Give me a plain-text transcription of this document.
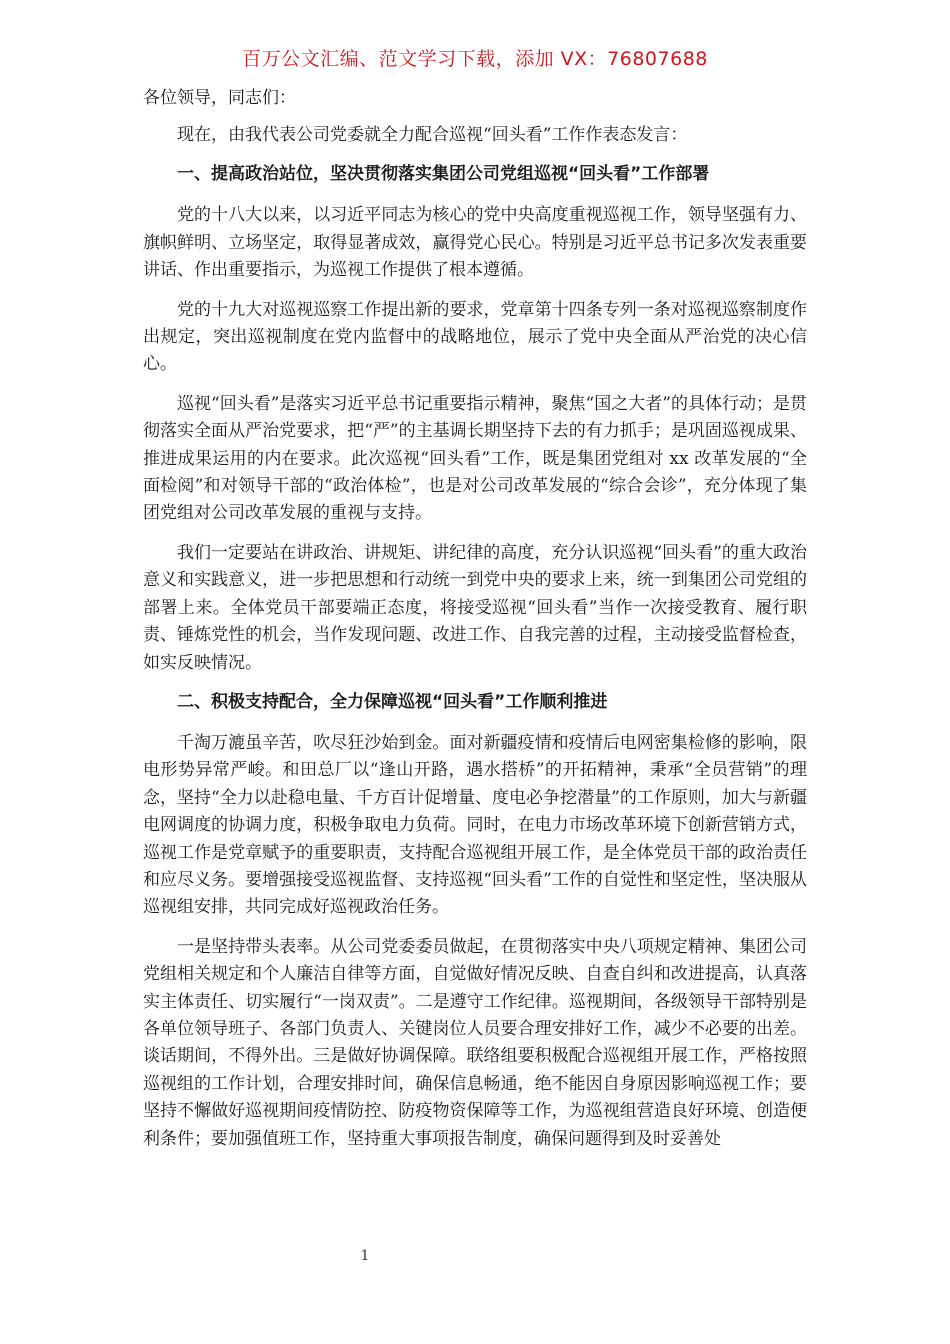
百万公文汇编、范文学习下载，添加 VX：76807688

各位领导，同志们：

现在，由我代表公司党委就全力配合巡视“回头看”工作作表态发言：

一、提高政治站位，坚决贯彻落实集团公司党组巡视“回头看”工作部署

党的十八大以来，以习近平同志为核心的党中央高度重视巡视工作，领导坚强有力、旗帜鲜明、立场坚定，取得显著成效，赢得党心民心。特别是习近平总书记多次发表重要讲话、作出重要指示，为巡视工作提供了根本遵循。

党的十九大对巡视巡察工作提出新的要求，党章第十四条专列一条对巡视巡察制度作出规定，突出巡视制度在党内监督中的战略地位，展示了党中央全面从严治党的决心信心。

巡视“回头看”是落实习近平总书记重要指示精神，聚焦“国之大者”的具体行动；是贯彻落实全面从严治党要求，把“严”的主基调长期坚持下去的有力抓手；是巩固巡视成果、推进成果运用的内在要求。此次巡视“回头看”工作，既是集团党组对 xx 改革发展的“全面检阅”和对领导干部的“政治体检”，也是对公司改革发展的“综合会诊”，充分体现了集团党组对公司改革发展的重视与支持。

我们一定要站在讲政治、讲规矩、讲纪律的高度，充分认识巡视“回头看”的重大政治意义和实践意义，进一步把思想和行动统一到党中央的要求上来，统一到集团公司党组的部署上来。全体党员干部要端正态度，将接受巡视“回头看”当作一次接受教育、履行职责、锤炼党性的机会，当作发现问题、改进工作、自我完善的过程，主动接受监督检查，如实反映情况。

二、积极支持配合，全力保障巡视“回头看”工作顺利推进

千淘万漉虽辛苦，吹尽狂沙始到金。面对新疆疫情和疫情后电网密集检修的影响，限电形势异常严峻。和田总厂以“逢山开路，遇水搭桥”的开拓精神，秉承“全员营销”的理念，坚持“全力以赴稳电量、千方百计促增量、度电必争挖潜量”的工作原则，加大与新疆电网调度的协调力度，积极争取电力负荷。同时，在电力市场改革环境下创新营销方式，巡视工作是党章赋予的重要职责，支持配合巡视组开展工作，是全体党员干部的政治责任和应尽义务。要增强接受巡视监督、支持巡视“回头看”工作的自觉性和坚定性，坚决服从巡视组安排，共同完成好巡视政治任务。

一是坚持带头表率。从公司党委委员做起，在贯彻落实中央八项规定精神、集团公司党组相关规定和个人廉洁自律等方面，自觉做好情况反映、自查自纠和改进提高，认真落实主体责任、切实履行“一岗双责”。二是遵守工作纪律。巡视期间，各级领导干部特别是各单位领导班子、各部门负责人、关键岗位人员要合理安排好工作，减少不必要的出差。谈话期间，不得外出。三是做好协调保障。联络组要积极配合巡视组开展工作，严格按照巡视组的工作计划，合理安排时间，确保信息畅通，绝不能因自身原因影响巡视工作；要坚持不懈做好巡视期间疫情防控、防疫物资保障等工作，为巡视组营造良好环境、创造便利条件；要加强值班工作，坚持重大事项报告制度，确保问题得到及时妥善处

1
